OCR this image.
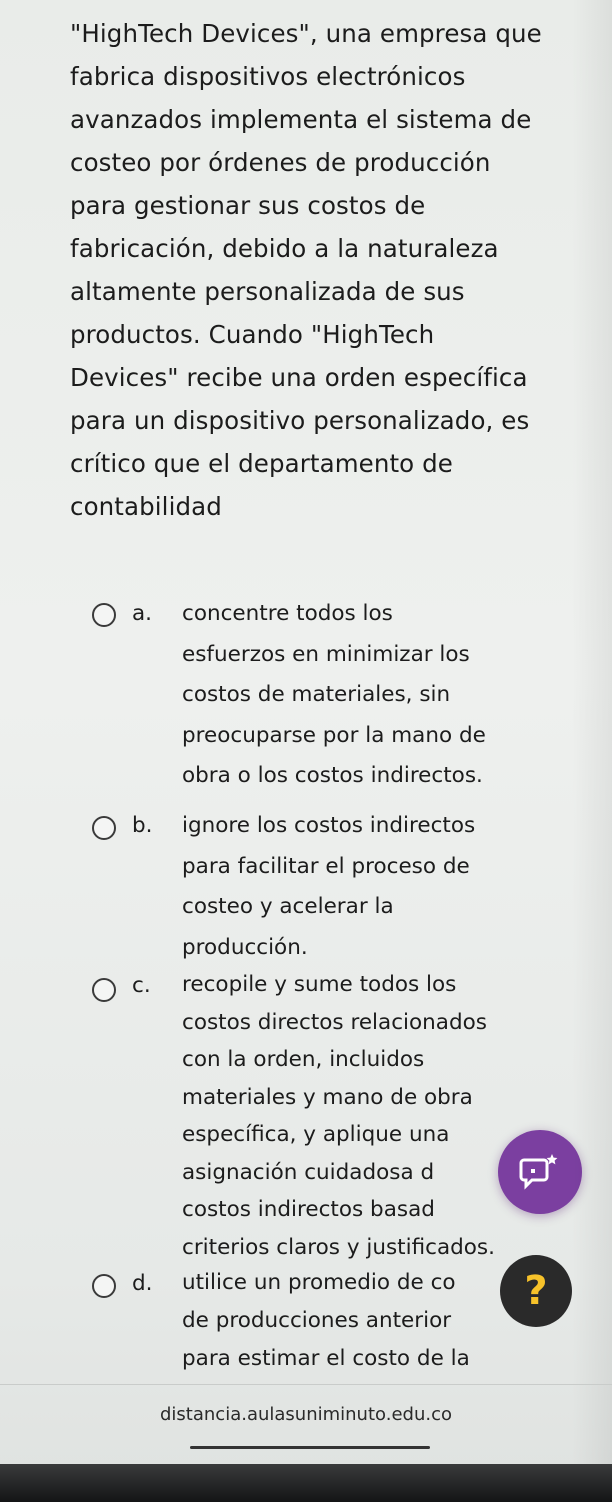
"HighTech Devices", una empresa que
fabrica dispositivos electrónicos
avanzados implementa el sistema de
costeo por órdenes de producción
para gestionar sus costos de
fabricación, debido a la naturaleza
altamente personalizada de sus
productos. Cuando "HighTech
Devices" recibe una orden específica
para un dispositivo personalizado, es
crítico que el departamento de
contabilidad
a. concentre todos los
esfuerzos en minimizar los
costos de materiales, sin
preocuparse por la mano de
obra o los costos indirectos.
b. ignore los costos indirectos
para facilitar el proceso de
costeo y acelerar la
producción.
c. recopile y sume todos los
costos directos relacionados
con la orden, incluidos
materiales y mano de obra
específica, y aplique una
asignación cuidadosa d
costos indirectos basad
criterios claros y justificados.
d. utilice un promedio de co
de producciones anterior
para estimar el costo de la
?
distancia.aulasuniminuto.edu.co
